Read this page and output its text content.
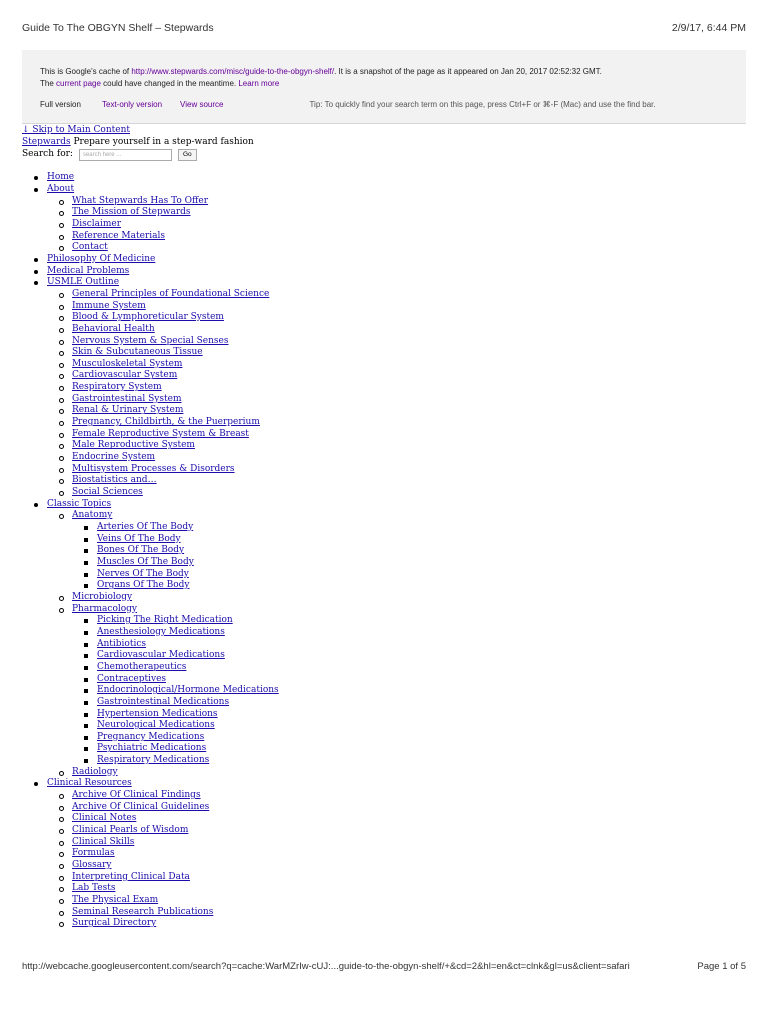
Guide To The OBGYN Shelf – Stepwards	2/9/17, 6:44 PM
This is Google's cache of http://www.stepwards.com/misc/guide-to-the-obgyn-shelf/. It is a snapshot of the page as it appeared on Jan 20, 2017 02:52:32 GMT.
The current page could have changed in the meantime. Learn more
Full version	Text-only version View source	Tip: To quickly find your search term on this page, press Ctrl+F or ⌘-F (Mac) and use the find bar.
↓ Skip to Main Content
Stepwards Prepare yourself in a step-ward fashion
Search for:	search here ...	Go
Home
About
What Stepwards Has To Offer
The Mission of Stepwards
Disclaimer
Reference Materials
Contact
Philosophy Of Medicine
Medical Problems
USMLE Outline
General Principles of Foundational Science
Immune System
Blood & Lymphoreticular System
Behavioral Health
Nervous System & Special Senses
Skin & Subcutaneous Tissue
Musculoskeletal System
Cardiovascular System
Respiratory System
Gastrointestinal System
Renal & Urinary System
Pregnancy, Childbirth, & the Puerperium
Female Reproductive System & Breast
Male Reproductive System
Endocrine System
Multisystem Processes & Disorders
Biostatistics and…
Social Sciences
Classic Topics
Anatomy
Arteries Of The Body
Veins Of The Body
Bones Of The Body
Muscles Of The Body
Nerves Of The Body
Organs Of The Body
Microbiology
Pharmacology
Picking The Right Medication
Anesthesiology Medications
Antibiotics
Cardiovascular Medications
Chemotherapeutics
Contraceptives
Endocrinological/Hormone Medications
Gastrointestinal Medications
Hypertension Medications
Neurological Medications
Pregnancy Medications
Psychiatric Medications
Respiratory Medications
Radiology
Clinical Resources
Archive Of Clinical Findings
Archive Of Clinical Guidelines
Clinical Notes
Clinical Pearls of Wisdom
Clinical Skills
Formulas
Glossary
Interpreting Clinical Data
Lab Tests
The Physical Exam
Seminal Research Publications
Surgical Directory
http://webcache.googleusercontent.com/search?q=cache:WarMZrIw-cUJ:...guide-to-the-obgyn-shelf/+&cd=2&hl=en&ct=clnk&gl=us&client=safari	Page 1 of 5
